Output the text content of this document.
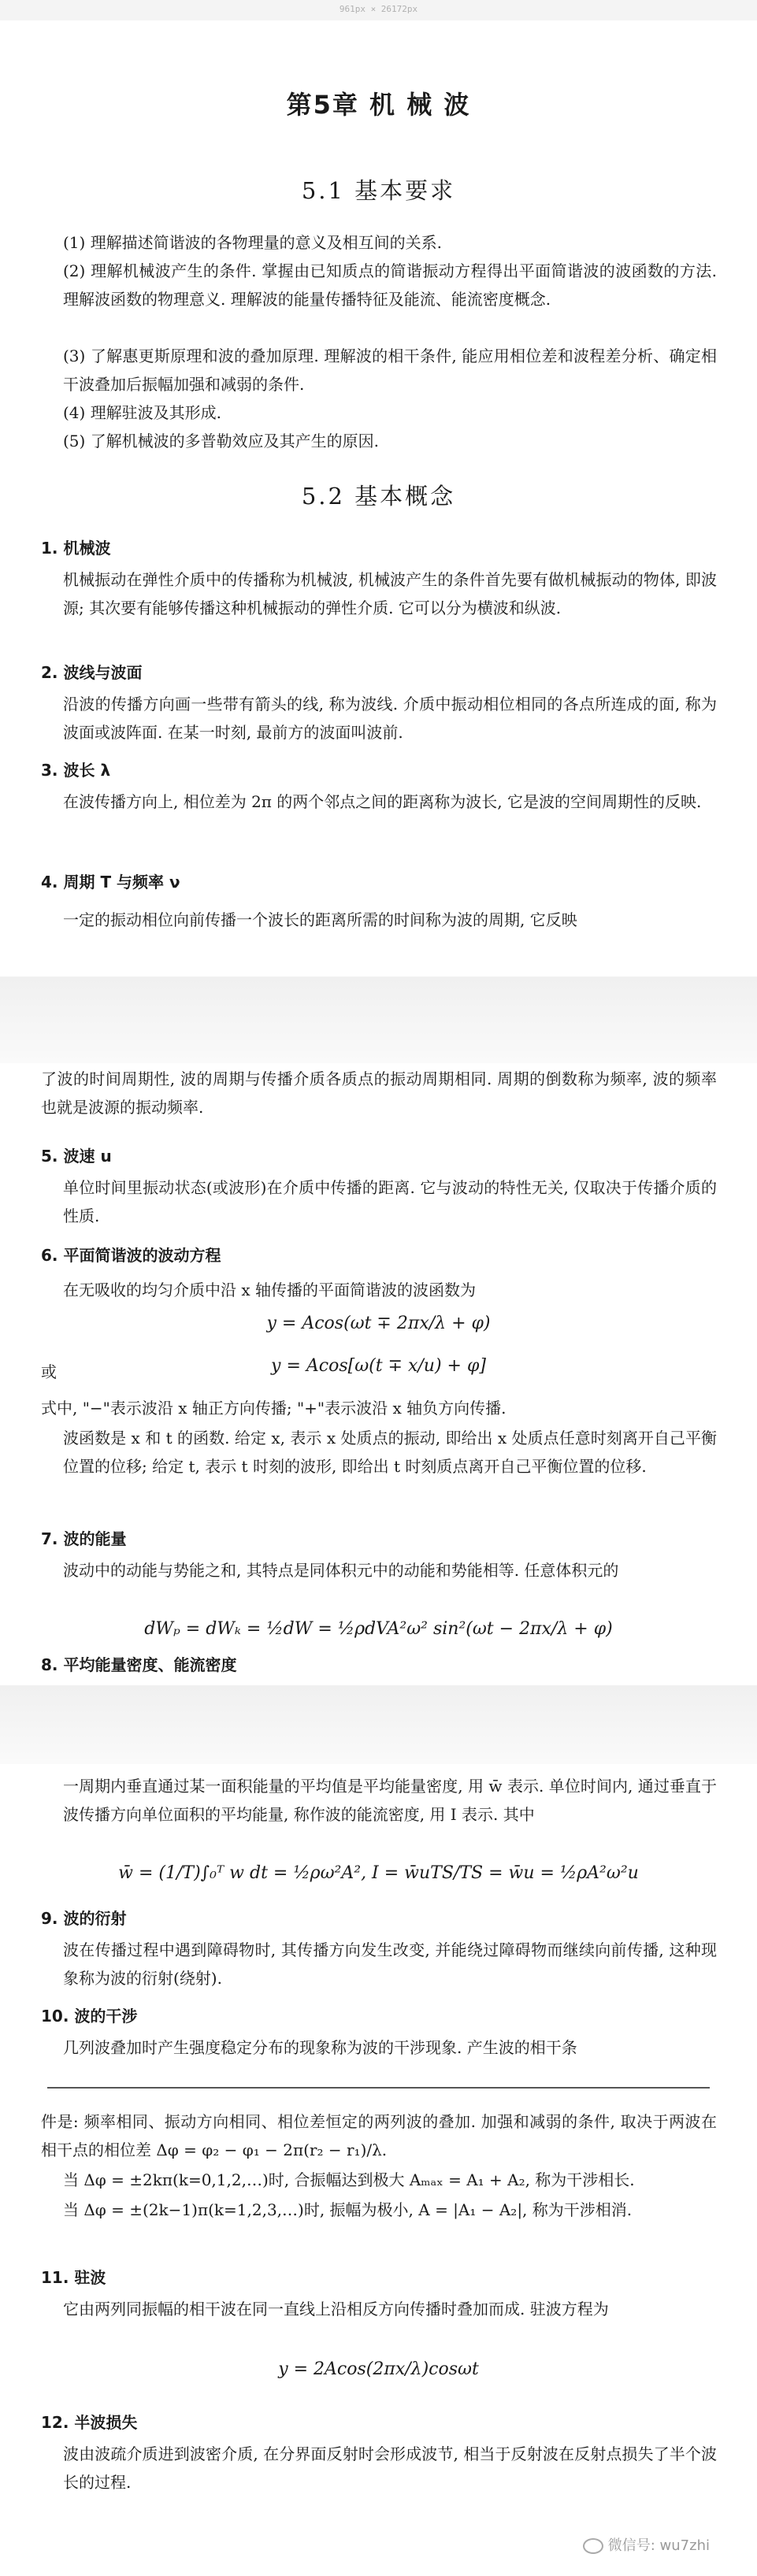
961px × 26172px
第5章 机 械 波
5.1 基本要求
(1) 理解描述简谐波的各物理量的意义及相互间的关系.
(2) 理解机械波产生的条件. 掌握由已知质点的简谐振动方程得出平面简谐波的波函数的方法. 理解波函数的物理意义. 理解波的能量传播特征及能流、能流密度概念.
(3) 了解惠更斯原理和波的叠加原理. 理解波的相干条件, 能应用相位差和波程差分析、确定相干波叠加后振幅加强和减弱的条件.
(4) 理解驻波及其形成.
(5) 了解机械波的多普勒效应及其产生的原因.
5.2 基本概念
1. 机械波
机械振动在弹性介质中的传播称为机械波, 机械波产生的条件首先要有做机械振动的物体, 即波源; 其次要有能够传播这种机械振动的弹性介质. 它可以分为横波和纵波.
2. 波线与波面
沿波的传播方向画一些带有箭头的线, 称为波线. 介质中振动相位相同的各点所连成的面, 称为波面或波阵面. 在某一时刻, 最前方的波面叫波前.
3. 波长 λ
在波传播方向上, 相位差为 2π 的两个邻点之间的距离称为波长, 它是波的空间周期性的反映.
4. 周期 T 与频率 ν
一定的振动相位向前传播一个波长的距离所需的时间称为波的周期, 它反映
了波的时间周期性, 波的周期与传播介质各质点的振动周期相同. 周期的倒数称为频率, 波的频率也就是波源的振动频率.
5. 波速 u
单位时间里振动状态(或波形)在介质中传播的距离. 它与波动的特性无关, 仅取决于传播介质的性质.
6. 平面简谐波的波动方程
在无吸收的均匀介质中沿 x 轴传播的平面简谐波的波函数为
y = Acos(ωt ∓ 2πx/λ + φ)
或	y = Acos[ω(t ∓ x/u) + φ]
式中, "−"表示波沿 x 轴正方向传播; "+"表示波沿 x 轴负方向传播.
波函数是 x 和 t 的函数. 给定 x, 表示 x 处质点的振动, 即给出 x 处质点任意时刻离开自己平衡位置的位移; 给定 t, 表示 t 时刻的波形, 即给出 t 时刻质点离开自己平衡位置的位移.
7. 波的能量
波动中的动能与势能之和, 其特点是同体积元中的动能和势能相等. 任意体积元的
dWₚ = dWₖ = ½dW = ½ρdVA²ω² sin²(ωt − 2πx/λ + φ)
8. 平均能量密度、能流密度
一周期内垂直通过某一面积能量的平均值是平均能量密度, 用 w̄ 表示. 单位时间内, 通过垂直于波传播方向单位面积的平均能量, 称作波的能流密度, 用 I 表示. 其中
w̄ = (1/T)∫₀ᵀ w dt = ½ρω²A², I = w̄uTS/TS = w̄u = ½ρA²ω²u
9. 波的衍射
波在传播过程中遇到障碍物时, 其传播方向发生改变, 并能绕过障碍物而继续向前传播, 这种现象称为波的衍射(绕射).
10. 波的干涉
几列波叠加时产生强度稳定分布的现象称为波的干涉现象. 产生波的相干条
件是: 频率相同、振动方向相同、相位差恒定的两列波的叠加. 加强和减弱的条件, 取决于两波在相干点的相位差 Δφ = φ₂ − φ₁ − 2π(r₂ − r₁)/λ.
当 Δφ = ±2kπ(k=0,1,2,…)时, 合振幅达到极大 Aₘₐₓ = A₁ + A₂, 称为干涉相长.
当 Δφ = ±(2k−1)π(k=1,2,3,…)时, 振幅为极小, A = |A₁ − A₂|, 称为干涉相消.
11. 驻波
它由两列同振幅的相干波在同一直线上沿相反方向传播时叠加而成. 驻波方程为
y = 2Acos(2πx/λ)cosωt
12. 半波损失
波由波疏介质进到波密介质, 在分界面反射时会形成波节, 相当于反射波在反射点损失了半个波长的过程.
微信号: wu7zhi
